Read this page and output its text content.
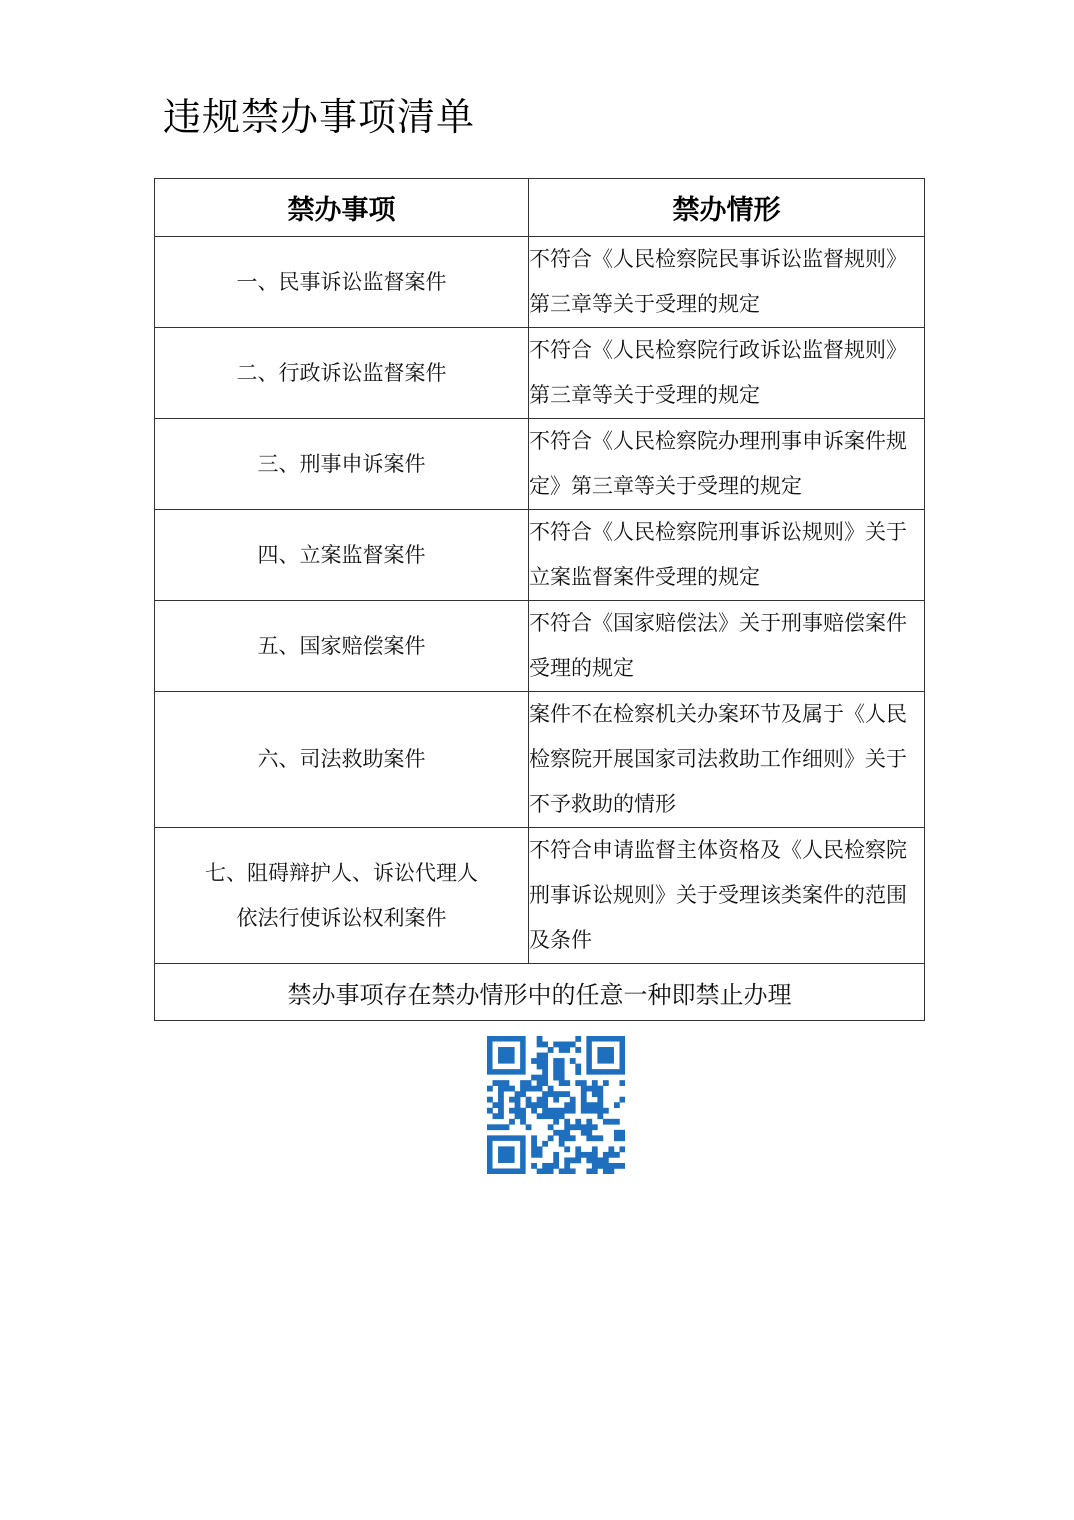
违规禁办事项清单
禁办事项	禁办情形
一、民事诉讼监督案件	不符合《人民检察院民事诉讼监督规则》第三章等关于受理的规定
二、行政诉讼监督案件	不符合《人民检察院行政诉讼监督规则》第三章等关于受理的规定
三、刑事申诉案件	不符合《人民检察院办理刑事申诉案件规定》第三章等关于受理的规定
四、立案监督案件	不符合《人民检察院刑事诉讼规则》关于立案监督案件受理的规定
五、国家赔偿案件	不符合《国家赔偿法》关于刑事赔偿案件受理的规定
六、司法救助案件	案件不在检察机关办案环节及属于《人民检察院开展国家司法救助工作细则》关于不予救助的情形
七、阻碍辩护人、诉讼代理人依法行使诉讼权利案件	不符合申请监督主体资格及《人民检察院刑事诉讼规则》关于受理该类案件的范围及条件
禁办事项存在禁办情形中的任意一种即禁止办理	
